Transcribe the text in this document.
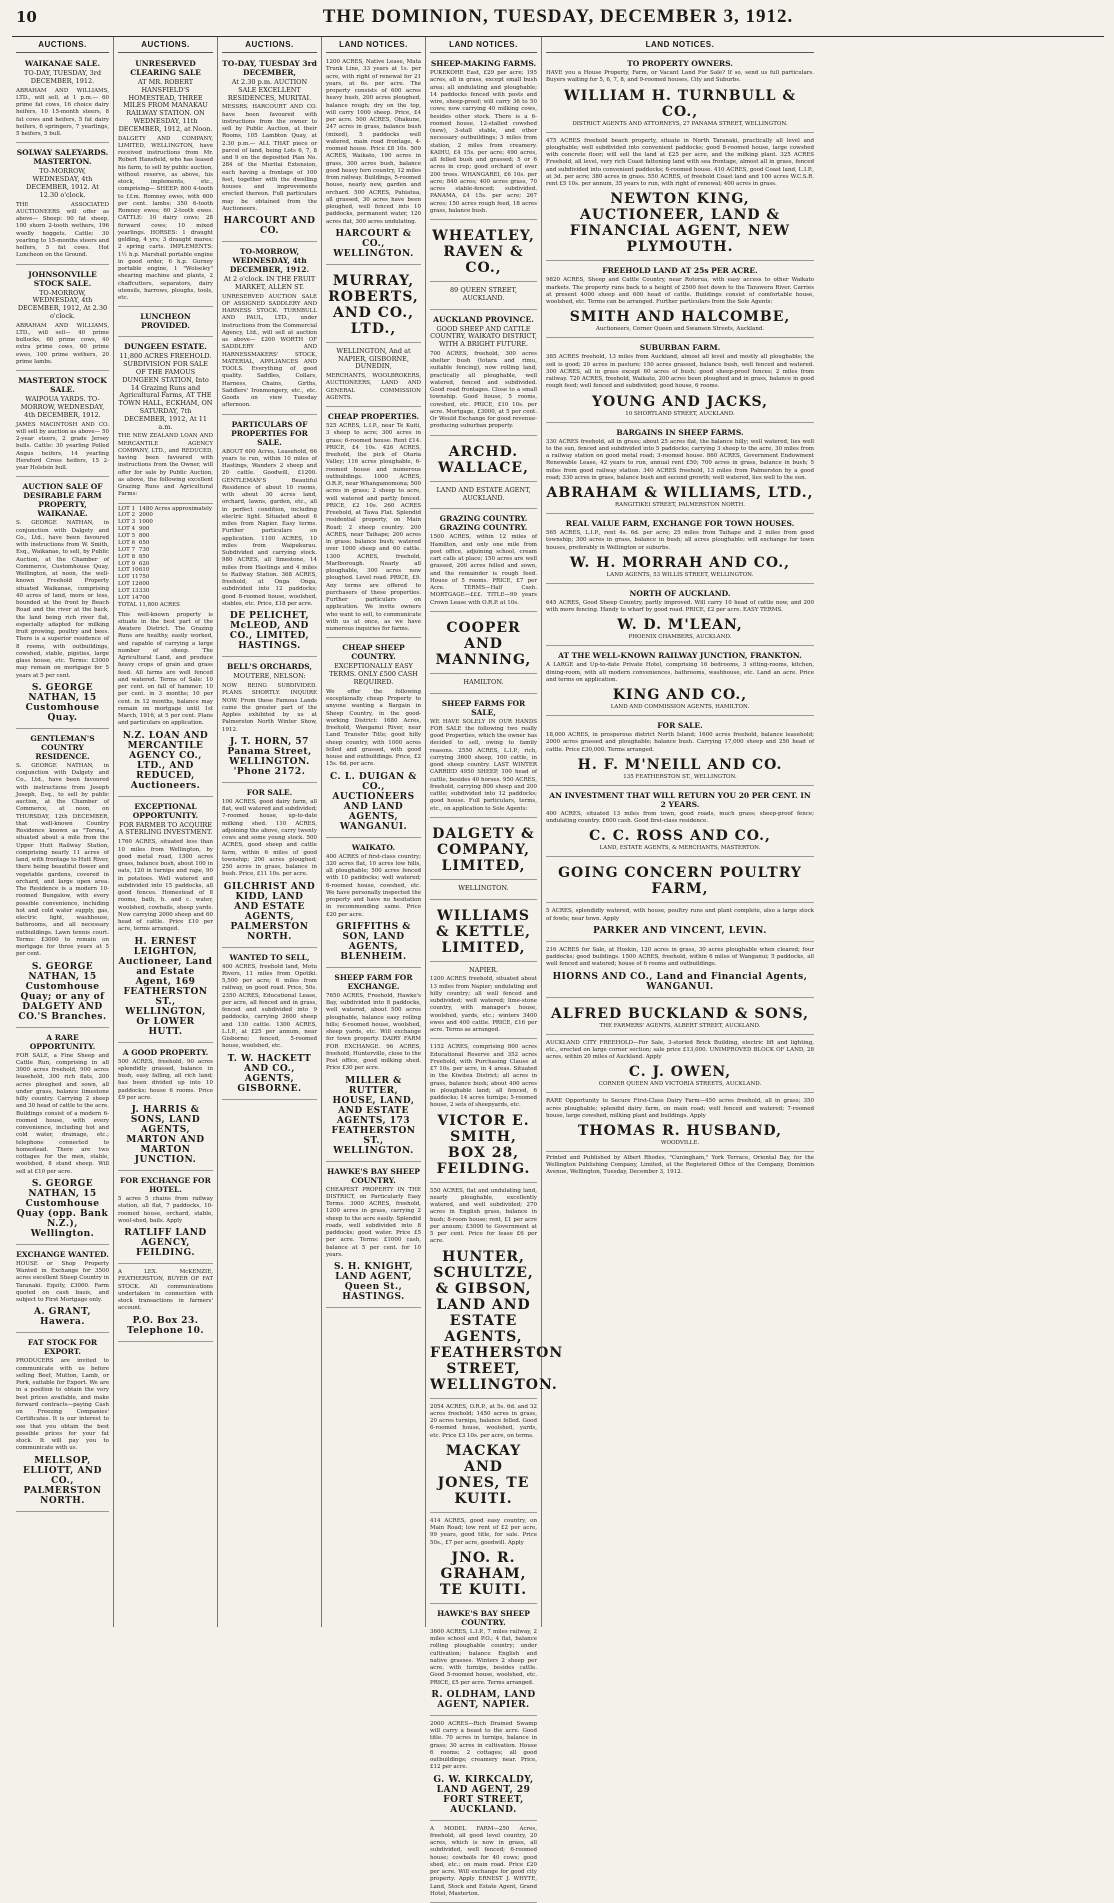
10	THE DOMINION, TUESDAY, DECEMBER 3, 1912.
AUCTIONS.
WAIKANAE SALE.
TO-DAY, TUESDAY, 3rd DECEMBER, 1912.

ABRAHAM AND WILLIAMS, LTD., will sell, at 1 p.m.— 60 prime fat cows, 16 choice dairy heifers, 10 15-month steers, 8 fat cows and heifers, 5 fat dairy heifers, 6 springers, 7 yearlings, 5 heifers, 5 bull.

SOLWAY SALEYARDS. MASTERTON.
TO-MORROW, WEDNESDAY, 4th DECEMBER, 1912. At 12.30 o'clock.

THE ASSOCIATED AUCTIONEERS will offer as above— Sheep: 90 fat sheep, 100 shorn 2-tooth wethers, 196 woolly hoggets. Cattle: 30 yearling to 15-months steers and heifers, 5 fat cows. Hot Luncheon on the Ground.

JOHNSONVILLE STOCK SALE.
TO-MORROW, WEDNESDAY, 4th DECEMBER, 1912, At 2.30 o'clock.

ABRAHAM AND WILLIAMS, LTD., will sell— 40 prime bullocks, 60 prime cows, 40 extra prime cows, 60 prime ewes, 100 prime wethers, 20 prime lambs.

MASTERTON STOCK SALE.
WAIPOUA YARDS. TO-MORROW, WEDNESDAY, 4th DECEMBER, 1912.

JAMES MACINTOSH AND CO. will sell by auction as above— 50 2-year steers, 2 grade Jersey bulls. Cattle: 30 yearling Polled Angus heifers, 14 yearling Hereford Cross heifers, 15 2-year Holstein bull.

AUCTION SALE OF DESIRABLE FARM PROPERTY, WAIKANAE.

S. GEORGE NATHAN, in conjunction with Dalgety and Co., Ltd., have been favoured with instructions from W. Smith, Esq., Waikanae, to sell, by Public Auction, at the Chamber of Commerce, Customhouse Quay, Wellington, at noon, the well-known Freehold Property situated Waikanae, comprising 40 acres of land, more or less, bounded at the front by Beach Road and the river at the back, the land being rich river flat, especially adapted for milking fruit growing, poultry and bees. There is a superior residence of 8 rooms, with outbuildings, cowshed, stable, pigsties, large glass house, etc. Terms: £3000 may remain on mortgage for 5 years at 5 per cent.

S. GEORGE NATHAN, 15 Customhouse Quay.
GENTLEMAN'S COUNTRY RESIDENCE.

S. GEORGE NATHAN, in conjunction with Dalgety and Co., Ltd., have been favoured with instructions from Joseph Joseph, Esq., to sell by public auction, at the Chamber of Commerce, at noon, on THURSDAY, 12th DECEMBER, that well-known Country Residence known as "Torona," situated about a mile from the Upper Hutt Railway Station, comprising nearly 11 acres of land, with frontage to Hutt River, there being beautiful flower and vegetable gardens, covered in orchard, and large open area. The Residence is a modern 10-roomed Bungalow, with every possible convenience, including hot and cold water supply, gas, electric light, washhouse, bathrooms, and all necessary outbuildings. Lawn tennis court. Terms: £3000 to remain on mortgage for three years at 5 per cent.

S. GEORGE NATHAN, 15 Customhouse Quay; or any of DALGETY AND CO.'S Branches.
A RARE OPPORTUNITY.

FOR SALE, a Fine Sheep and Cattle Run, comprising in all 3000 acres freehold, 900 acres leasehold, 300 rich flats, 200 acres ploughed and sown, all under grass, balance limestone hilly country. Carrying 2 sheep and 30 head of cattle to the acre. Buildings consist of a modern 6-roomed house, with every convenience, including hot and cold water, drainage, etc.; telephone connected to homestead. There are two cottages for the men, stable, woolshed, 8 stand sheep. Will sell at £10 per acre.

S. GEORGE NATHAN, 15 Customhouse Quay (opp. Bank N.Z.), Wellington.
EXCHANGE WANTED.

HOUSE or Shop Property Wanted in Exchange for 3500 acres excellent Sheep Country in Taranaki. Equity, £3000. Farm quoted on cash basis, and subject to First Mortgage only.

A. GRANT, Hawera.
FAT STOCK FOR EXPORT.

PRODUCERS are invited to communicate with us before selling Beef, Mutton, Lamb, or Pork, suitable for Export. We are in a position to obtain the very best prices available, and make forward contracts—paying Cash on Freezing Companies' Certificates. It is our interest to see that you obtain the best possible prices for your fat stock. It will pay you to communicate with us.

MELLSOP, ELLIOTT, AND CO., PALMERSTON NORTH.
AUCTIONS.
UNRESERVED CLEARING SALE
AT MR. ROBERT HANSFIELD'S HOMESTEAD, THREE MILES FROM MANAKAU RAILWAY STATION. ON WEDNESDAY, 11th DECEMBER, 1912, at Noon.

DALGETY AND COMPANY, LIMITED, WELLINGTON, have received instructions from Mr. Robert Hansfield, who has leased his farm, to sell by public auction, without reserve, as above, his stock, implements, etc., comprising— SHEEP: 800 4-tooth to f.f.m. Romney ewes, with 600 per cent. lambs; 350 6-tooth Romney ewes; 60 2-tooth ewes. CATTLE: 10 dairy cows; 28 forward cows; 10 mixed yearlings. HORSES: 1 draught gelding, 4 yrs; 3 draught mares; 2 spring carts. IMPLEMENTS: 1½ h.p. Marshall portable engine in good order, 6 h.p. Gurney portable engine, 1 "Wolseley" shearing machine and plants, 2 chaffcutters, separators, dairy utensils, harrows, ploughs, tools, etc.

LUNCHEON PROVIDED.
DUNGEEN ESTATE.
11,800 ACRES FREEHOLD. SUBDIVISION FOR SALE OF THE FAMOUS DUNGEEN STATION, Into 14 Grazing Runs and Agricultural Farms, AT THE TOWN HALL, ECKHAM, ON SATURDAY, 7th DECEMBER, 1912, At 11 a.m.

THE NEW ZEALAND LOAN AND MERCANTILE AGENCY COMPANY, LTD., and REDUCED, having been favoured with instructions from the Owner, will offer for sale by Public Auction, as above, the following excellent Grazing Runs and Agricultural Farms:

LOT 1	1480 Acres approximately
LOT 2	2000
LOT 3	1000
LOT 4	900
LOT 5	800
LOT 6	650
LOT 7	730
LOT 8	850
LOT 9	620
LOT 10	610
LOT 11	750
LOT 12	600
LOT 13	330
LOT 14	700
TOTAL	11,800 ACRES

This well-known property is situate in the best part of the Awatere District. The Grazing Runs are healthy, easily worked, and capable of carrying a large number of sheep. The Agricultural Land, and produce heavy crops of grain and grass feed. All farms are well fenced and watered. Terms of Sale: 10 per cent. on fall of hammer; 10 per cent. in 3 months; 10 per cent. in 12 months, balance may remain on mortgage until 1st March, 1916, at 5 per cent. Plans and particulars on application.

N.Z. LOAN AND MERCANTILE AGENCY CO., LTD., AND REDUCED, Auctioneers.
EXCEPTIONAL OPPORTUNITY.
FOR FARMER TO ACQUIRE A STERLING INVESTMENT.

1760 ACRES, situated less than 10 miles from Wellington, by good metal road, 1300 acres grass, balance bush, about 100 in oats, 120 in turnips and rape, 90 in potatoes. Well watered and subdivided into 15 paddocks, all good fences. Homestead of 8 rooms, bath, h. and c. water, woolshed, cowbails, sheep yards. Now carrying 2000 sheep and 60 head of cattle. Price £10 per acre, terms arranged.

H. ERNEST LEIGHTON, Auctioneer, Land and Estate Agent, 169 FEATHERSTON ST., WELLINGTON, Or LOWER HUTT.
A GOOD PROPERTY.

500 ACRES, freehold, 90 acres splendidly grassed, balance in bush, easy falling, all rich land; has been divided up into 10 paddocks; house 6 rooms. Price £9 per acre.

J. HARRIS & SONS, LAND AGENTS, MARTON AND MARTON JUNCTION.
FOR EXCHANGE FOR HOTEL.

5 acres 5 chains from railway station, all flat, 7 paddocks, 10-roomed house, orchard, stable, wool-shed, bails. Apply

RATLIFF LAND AGENCY, FEILDING.

A LEX. McKENZIE, FEATHERSTON, BUYER OF FAT STOCK. All communications undertaken in connection with stock transactions in farmers' account.

P.O. Box 23. Telephone 10.
AUCTIONS.
TO-DAY, TUESDAY 3rd DECEMBER,
At 2.30 p.m. AUCTION SALE EXCELLENT RESIDENCES, MURITAI.

MESSRS. HARCOURT AND CO. have been favoured with instructions from the owner to sell by Public Auction, at their Rooms, 105 Lambton Quay, at 2.30 p.m.— ALL THAT piece or parcel of land, being Lots 6, 7, 8 and 9 on the deposited Plan No. 284 of the Muritai Extension, each having a frontage of 100 feet, together with the dwelling houses and improvements erected thereon. Full particulars may be obtained from the Auctioneers.

HARCOURT AND CO.
TO-MORROW, WEDNESDAY, 4th DECEMBER, 1912.
At 2 o'clock. IN THE FRUIT MARKET, ALLEN ST.

UNRESERVED AUCTION SALE OF ASSIGNED SADDLERY AND HARNESS STOCK. TURNBULL AND PAUL, LTD., under instructions from the Commercial Agency, Ltd., will sell at auction as above— £200 WORTH OF SADDLERY AND HARNESSMAKERS' STOCK, MATERIAL, APPLIANCES AND TOOLS. Everything of good quality. Saddles, Collars, Harness, Chains, Girths, Saddlers' Ironmongery, etc., etc. Goods on view Tuesday afternoon.

PARTICULARS OF PROPERTIES FOR SALE.

ABOUT 600 Acres, Leasehold, 66 years to run, within 10 miles of Hastings, Wanders 2 sheep and 20 cattle. Goodwill, £1200. GENTLEMAN'S Beautiful Residence of about 10 rooms, with about 30 acres land, orchard, lawns, garden, etc., all in perfect condition, including electric light. Situated about 6 miles from Napier. Easy terms. Further particulars on application. 1100 ACRES, 10 miles from Waipukurau. Subdivided and carrying stock. 980 ACRES, all limestone, 14 miles from Hastings and 4 miles to Railway Station. 368 ACRES, freehold, at Onga Onga, subdivided into 12 paddocks; good 8-roomed house, woolshed, stables, etc. Price, £18 per acre.

DE PELICHET, McLEOD, AND CO., LIMITED, HASTINGS.
BELL'S ORCHARDS,
MOUTERE, NELSON:

NOW BEING SUBDIVIDED. PLANS SHORTLY. INQUIRE NOW. From these Famous Lands came the greater part of the Apples exhibited by us at Palmerston North Winter Show, 1912.

J. T. HORN, 57 Panama Street, WELLINGTON. 'Phone 2172.
FOR SALE.

100 ACRES, good dairy farm, all flat, well watered and subdivided; 7-roomed house, up-to-date milking shed. 110 ACRES, adjoining the above, carry twenty cows and some young stock. 500 ACRES, good sheep and cattle farm, within 6 miles of good township; 200 acres ploughed; 250 acres in grass, balance in bush. Price, £11 10s. per acre.

GILCHRIST AND KIDD, LAND AND ESTATE AGENTS, PALMERSTON NORTH.
WANTED TO SELL,

400 ACRES, freehold land, Motu Rivers, 11 miles from Opotiki. 5,500 per acre; 6 miles from railway, on good road. Price, 50s. 2350 ACRES, Educational Lease, per acre, all fenced and in grass, fenced and subdivided into 9 paddocks, carrying 2600 sheep and 130 cattle. 1300 ACRES, L.I.P., at £25 per annum, near Gisborne; fenced, 5-roomed house, woolshed, etc.

T. W. HACKETT AND CO., AGENTS, GISBORNE.
LAND NOTICES.

1200 ACRES, Native Lease, Mata Trunk Line, 33 years at 1s. per acre, with right of renewal for 21 years, at 6s. per acre. The property consists of 600 acres heavy bush, 200 acres ploughed, balance rough; dry on the top, will carry 1000 sheep. Price, £4 per acre. 500 ACRES, Ohakune, 247 acres in grass, balance bush (mixed), 5 paddocks well watered, main road frontage, 4-roomed house. Price £8 10s. 500 ACRES, Waikato, 190 acres in grass, 300 acres bush, balance good heavy fern country, 12 miles from railway. Buildings, 5-roomed house, nearly new, garden and orchard. 500 ACRES, Pahiatua, all grassed, 30 acres have been ploughed, well fenced into 10 paddocks, permanent water, 120 acres flat, 300 acres undulating.

HARCOURT & CO., WELLINGTON.
MURRAY, ROBERTS, AND CO., LTD.,
WELLINGTON, And at NAPIER, GISBORNE, DUNEDIN,

MERCHANTS, WOOLBROKERS, AUCTIONEERS, LAND AND GENERAL COMMISSION AGENTS.

CHEAP PROPERTIES.

525 ACRES, L.I.P., near Te Kuiti, 3 sheep to acre; 300 acres in grass; 6-roomed house. Rent £14. PRICE, £4 10s. 426 ACRES, freehold, the pick of Otaria Valley; 116 acres ploughable, 6-roomed house and numerous outbuildings. 1000 ACRES, O.R.P., near Whangamomona; 500 acres in grass; 2 sheep to acre, well watered and partly fenced. PRICE, £2 10s. 260 ACRES Freehold, at Tawa Flat. Splendid residential property, on Main Road; 2 sheep country. 200 ACRES, near Taihape; 200 acres in grass; balance bush; watered over 1000 sheep and 60 cattle. 1300 ACRES, freehold, Marlborough. Nearly all ploughable, 300 acres now ploughed. Level road. PRICE, £9. Any terms are offered to purchasers of these properties. Further particulars on application. We invite owners who want to sell, to communicate with us at once, as we have numerous inquiries for farms.

CHEAP SHEEP COUNTRY.
EXCEPTIONALLY EASY TERMS. ONLY £500 CASH REQUIRED.

We offer the following exceptionally cheap Property to anyone wanting a Bargain in Sheep Country, in the good-working District: 1680 Acres, freehold, Wanganui River, near Land Transfer Title; good hilly sheep country, with 1000 acres felled and grassed, with good house and outbuildings. Price, £2 15s. 6d. per acre.

C. L. DUIGAN & CO., AUCTIONEERS AND LAND AGENTS, WANGANUI.
WAIKATO.

400 ACRES of first-class country; 320 acres flat, 10 acres low hills, all ploughable; 500 acres fenced with 10 paddocks; well watered; 6-roomed house, cowshed, etc. We have personally inspected the property and have no hesitation in recommending same. Price £20 per acre.

GRIFFITHS & SON, LAND AGENTS, BLENHEIM.
SHEEP FARM FOR EXCHANGE.

7650 ACRES, Freehold, Hawke's Bay, subdivided into 8 paddocks, well watered, about 500 acres ploughable, balance easy rolling hills; 6-roomed house, woolshed, sheep yards, etc. Will exchange for town property. DAIRY FARM FOR EXCHANGE. 96 ACRES, freehold, Hunterville, close to the Post office, good milking shed. Price £30 per acre.

MILLER & RUTTER, HOUSE, LAND, AND ESTATE AGENTS, 173 FEATHERSTON ST., WELLINGTON.
HAWKE'S BAY SHEEP COUNTRY.

CHEAPEST PROPERTY IN THE DISTRICT, on Particularly Easy Terms. 3000 ACRES, freehold, 1200 acres in grass, carrying 2 sheep to the acre easily. Splendid roads, well subdivided into 8 paddocks; good water. Price £5 per acre. Terms: £1000 cash, balance at 5 per cent. for 10 years.

S. H. KNIGHT, LAND AGENT, Queen St., HASTINGS.
LAND NOTICES.
SHEEP-MAKING FARMS.

PUKEKOHE East, £29 per acre; 195 acres, all in grass, except small bush area; all undulating and ploughable; 14 paddocks fenced with posts and wire, sheep-proof; will carry 36 to 50 cows; now carrying 40 milking cows, besides other stock. There is a 6-roomed house, 12-stalled cowshed (new), 3-stall stable, and other necessary outbuildings; 3 miles from station, 2 miles from creamery. KAIHU, £4 15s. per acre; 490 acres, all felled bush and grassed; 5 or 6 acres in crop; good orchard of over 200 trees. WHANGAREI, £6 10s. per acre; 840 acres; 400 acres grass, 70 acres stable-fenced; subdivided. PANAMA, £4 15s. per acre; 267 acres; 150 acres rough feed, 18 acres grass, balance bush.

WHEATLEY, RAVEN & CO.,
89 QUEEN STREET, AUCKLAND.
AUCKLAND PROVINCE.
GOOD SHEEP AND CATTLE COUNTRY, WAIKATO DISTRICT, WITH A BRIGHT FUTURE.

700 ACRES, freehold, 300 acres shelter bush (totara and rimu, suitable fencing), now rolling land, practically all ploughable, well watered, fenced and subdivided. Good road frontages. Close to a small township. Good house, 5 rooms, cowshed, etc. PRICE, £10 10s. per acre. Mortgage, £3000, at 5 per cent. Or Would Exchange for good revenue-producing suburban property.

ARCHD. WALLACE,
LAND AND ESTATE AGENT, AUCKLAND.
GRAZING COUNTRY. GRAZING COUNTRY.

1500 ACRES, within 12 miles of Hamilton, and only one mile from post office, adjoining school, cream cart calls at place; 150 acres are well grassed, 200 acres felled and sown, and the remainder is rough feed. House of 5 rooms. PRICE, £7 per Acre. TERMS—Half Cash. MORTGAGE—£££. TITLE—99 years Crown Lease with O.R.P. at 10s.

COOPER AND MANNING,
HAMILTON.
SHEEP FARMS FOR SALE,

WE HAVE SOLELY IN OUR HANDS FOR SALE the following two really good Properties, which the owner has decided to sell, owing to family reasons. 2550 ACRES, L.I.P., rich, carrying 3600 sheep, 100 cattle, in good sheep country. LAST WINTER CARRIED 4950 SHEEP, 100 head of cattle, besides 40 horses. 950 ACRES, freehold, carrying 800 sheep and 200 cattle; subdivided into 12 paddocks; good house. Full particulars, terms, etc., on application to Sole Agents:

DALGETY & COMPANY, LIMITED,
WELLINGTON.
WILLIAMS & KETTLE, LIMITED,
NAPIER.

1200 ACRES freehold, situated about 13 miles from Napier; undulating and hilly country; all well fenced and subdivided; well watered; lime-stone country, with manager's house, woolshed, yards, etc.; winters 3400 ewes and 400 cattle. PRICE, £16 per acre. Terms as arranged.

1152 ACRES, comprising 800 acres Educational Reserve and 352 acres Freehold, with Purchasing Clause at £7 10s. per acre, in 4 areas. Situated in the Kiwitea District; all acres in grass, balance bush; about 400 acres in ploughable land; all fenced, 6 paddocks; 14 acres turnips; 5-roomed house, 2 sets of sheepyards, etc.

VICTOR E. SMITH, BOX 28, FEILDING.

550 ACRES, flat and undulating land, nearly ploughable, excellently watered, and well subdivided; 270 acres in English grass, balance in bush; 8-room house; rent, £1 per acre per annum; £3000 to Government at 5 per cent. Price for lease £6 per acre.

HUNTER, SCHULTZE, & GIBSON, LAND AND ESTATE AGENTS, FEATHERSTON STREET, WELLINGTON.

2054 ACRES, O.R.P., at 5s. 6d. and 32 acres freehold; 1450 acres in grass, 20 acres turnips, balance felled. Good 6-roomed house, woolshed, yards, etc. Price £3 10s. per acre, on terms.

MACKAY AND JONES, TE KUITI.

414 ACRES, good easy country, on Main Road; low rent of £2 per acre, 99 years, good title, for sale. Price 50s., £7 per acre, goodwill. Apply

JNO. R. GRAHAM, TE KUITI.
HAWKE'S BAY SHEEP COUNTRY.

3600 ACRES, L.I.P., 7 miles railway, 2 miles school and P.O.; 4 flat, balance rolling ploughable country; under cultivation; balance English and native grasses. Winters 2 sheep per acre, with turnips, besides cattle. Good 5-roomed house, woolshed, etc. PRICE, £5 per acre. Terms arranged.

R. OLDHAM, LAND AGENT, NAPIER.

2000 ACRES—Rich Drained Swamp will carry a beast to the acre. Good title. 70 acres in turnips, balance in grass; 30 acres in cultivation. House 6 rooms; 2 cottages; all good outbuildings; creamery near. Price, £12 per acre.

G. W. KIRKCALDY, LAND AGENT, 29 FORT STREET, AUCKLAND.

A MODEL FARM—250 Acres, freehold, all good level country, 20 acres, which is now in grass, all subdivided, well fenced; 6-roomed house; cowbails for 40 cows; good shed, etc.; on main road. Price £20 per acre. Will exchange for good city property. Apply ERNEST J. WHYTE, Land, Stock and Estate Agent, Grand Hotel, Masterton.

LAND NOTICES.
TO PROPERTY OWNERS.

HAVE you a House Property, Farm, or Vacant Land For Sale? If so, send us full particulars. Buyers waiting for 5, 6, 7, 8, and 9-roomed houses, City and Suburbs.

WILLIAM H. TURNBULL & CO.,
DISTRICT AGENTS AND ATTORNEYS, 27 PANAMA STREET, WELLINGTON.

475 ACRES freehold beach property, situate in North Taranaki, practically all level and ploughable; well subdivided into convenient paddocks; good 8-roomed house, large cowshed with concrete floor; will sell the land at £25 per acre, and the milking plant. 325 ACRES Freehold, all level, very rich Coast fattening land with sea frontage, almost all in grass, fenced and subdivided into convenient paddocks; 6-roomed house. 410 ACRES, good Coast land, L.I.P., at 3d. per acre; 380 acres in grass. 550 ACRES, of freehold Coast land and 100 acres W.C.S.R. rent £5 10s. per annum, 35 years to run, with right of renewal; 400 acres in grass.

NEWTON KING, AUCTIONEER, LAND & FINANCIAL AGENT, NEW PLYMOUTH.
FREEHOLD LAND AT 25s PER ACRE.

9820 ACRES, Sheep and Cattle Country, near Rotorua, with easy access to other Waikato markets. The property runs back to a height of 2500 feet down to the Tarawera River. Carries at present 4000 sheep and 600 head of cattle. Buildings consist of comfortable house, woolshed, etc. Terms can be arranged. Further particulars from the Sole Agents:

SMITH AND HALCOMBE,
Auctioneers, Corner Queen and Swanson Streets, Auckland.
SUBURBAN FARM.

385 ACRES freehold, 13 miles from Auckland, almost all level and mostly all ploughable; the soil is good; 20 acres in pasture; 150 acres grassed, balance bush, well fenced and watered. 300 ACRES, all in grass except 60 acres of bush; good sheep-proof fences; 2 miles from railway. 720 ACRES, freehold, Waikato, 200 acres been ploughed and in grass, balance in good rough feed; well fenced and subdivided; good house, 6 rooms.

YOUNG AND JACKS,
10 SHORTLAND STREET, AUCKLAND.
BARGAINS IN SHEEP FARMS.

330 ACRES freehold, all in grass; about 25 acres flat, the balance hilly; well watered, lies well to the sun, fenced and subdivided into 5 paddocks; carrying 3 sheep to the acre, 30 miles from a railway station on good metal road; 3-roomed house. 860 ACRES, Government Endowment Renewable Lease, 42 years to run, annual rent £50; 700 acres in grass, balance in bush; 5 miles from good railway station. 340 ACRES freehold, 13 miles from Palmerston by a good road; 330 acres in grass, balance bush and second growth; well watered, lies well to the sun.

ABRAHAM & WILLIAMS, LTD.,
RANGITIKEI STREET, PALMERSTON NORTH.
REAL VALUE FARM, EXCHANGE FOR TOWN HOUSES.

565 ACRES, L.I.P., rent 4s. 6d. per acre; 25 miles from Taihape and 2 miles from good township; 300 acres in grass, balance in bush; all acres ploughable; will exchange for town houses, preferably in Wellington or suburbs.

W. H. MORRAH AND CO.,
LAND AGENTS, 53 WILLIS STREET, WELLINGTON.
NORTH OF AUCKLAND.

645 ACRES, Good Sheep Country, partly improved. Will carry 10 head of cattle now, and 200 with more fencing. Handy to wharf by good road. PRICE, £2 per acre. EASY TERMS.

W. D. M'LEAN,
PHOENIX CHAMBERS, AUCKLAND.
AT THE WELL-KNOWN RAILWAY JUNCTION, FRANKTON.

A LARGE and Up-to-date Private Hotel, comprising 16 bedrooms, 3 sitting-rooms, kitchen, dining-room, with all modern conveniences, bathrooms, washhouse, etc. Land an acre. Price and terms on application.

KING AND CO.,
LAND AND COMMISSION AGENTS, HAMILTON.
FOR SALE.

18,000 ACRES, in prosperous district North Island; 1600 acres freehold, balance leasehold; 2000 acres grassed and ploughable; balance bush. Carrying 17,000 sheep and 250 head of cattle. Price £30,000. Terms arranged.

H. F. M'NEILL AND CO.
135 FEATHERSTON ST., WELLINGTON.
AN INVESTMENT THAT WILL RETURN YOU 20 PER CENT. IN 2 YEARS.

400 ACRES, situated 13 miles from town, good roads, much grass; sheep-proof fence; undulating country. £600 cash. Good first-class residence.

C. C. ROSS AND CO.,
LAND, ESTATE AGENTS, & MERCHANTS, MASTERTON.
GOING CONCERN POULTRY FARM,

5 ACRES, splendidly watered, with house, poultry runs and plant complete, also a large stock of fowls; near town. Apply

PARKER AND VINCENT, LEVIN.

216 ACRES for Sale, at Hoskin, 120 acres in grass, 30 acres ploughable when cleared; four paddocks; good buildings. 1500 ACRES, freehold, within 6 miles of Wanganui; 5 paddocks, all well fenced and watered; house of 6 rooms and outbuildings.

HIORNS AND CO., Land and Financial Agents, WANGANUI.
ALFRED BUCKLAND & SONS,
THE FARMERS' AGENTS, ALBERT STREET, AUCKLAND.

AUCKLAND CITY FREEHOLD—For Sale, 3-storied Brick Building, electric lift and lighting, etc., erected on large corner section; sale price £13,000. UNIMPROVED BLOCK OF LAND, 28 acres, within 20 miles of Auckland. Apply

C. J. OWEN,
CORNER QUEEN AND VICTORIA STREETS, AUCKLAND.

RARE Opportunity to Secure First-Class Dairy Farm—450 acres freehold, all in grass; 350 acres ploughable; splendid dairy farm, on main road; well fenced and watered; 7-roomed house, large cowshed, milking plant and buildings. Apply

THOMAS R. HUSBAND,
WOODVILLE.
Printed and Published by Albert Rhodes, "Cuningham," York Terrace, Oriental Bay, for the Wellington Publishing Company, Limited, at the Registered Office of the Company, Dominion Avenue, Wellington, Tuesday, December 3, 1912.
